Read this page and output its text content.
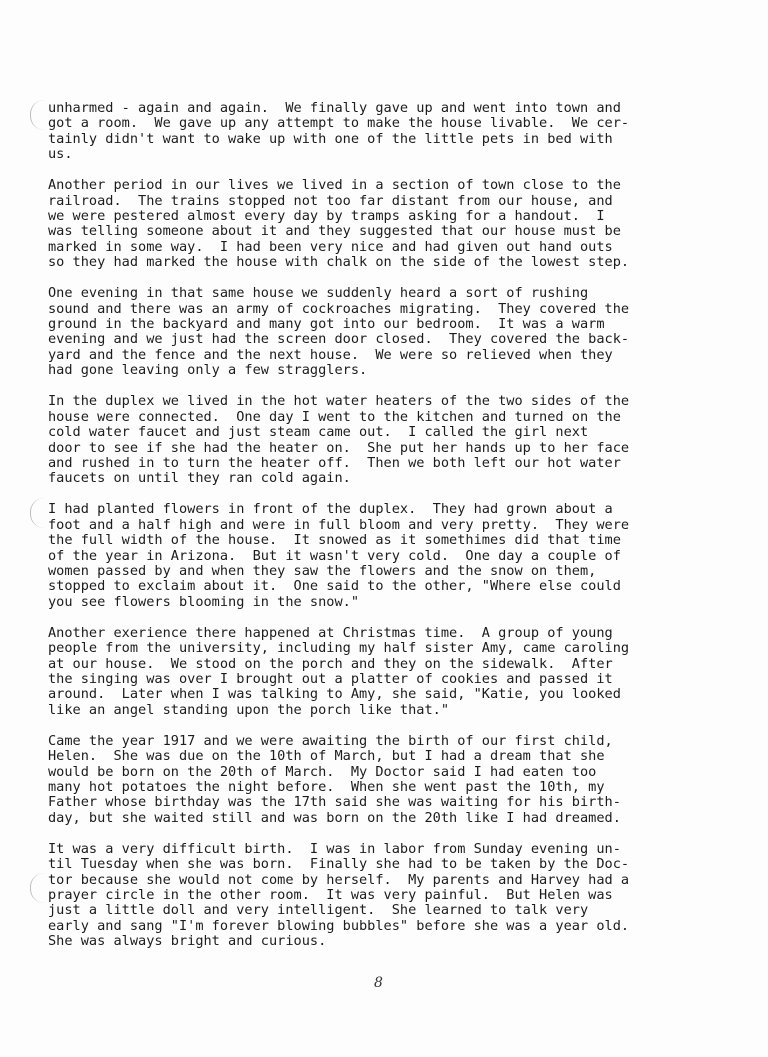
unharmed - again and again.  We finally gave up and went into town and
got a room.  We gave up any attempt to make the house livable.  We cer-
tainly didn't want to wake up with one of the little pets in bed with
us.

Another period in our lives we lived in a section of town close to the
railroad.  The trains stopped not too far distant from our house, and
we were pestered almost every day by tramps asking for a handout.  I
was telling someone about it and they suggested that our house must be
marked in some way.  I had been very nice and had given out hand outs
so they had marked the house with chalk on the side of the lowest step.

One evening in that same house we suddenly heard a sort of rushing
sound and there was an army of cockroaches migrating.  They covered the
ground in the backyard and many got into our bedroom.  It was a warm
evening and we just had the screen door closed.  They covered the back-
yard and the fence and the next house.  We were so relieved when they
had gone leaving only a few stragglers.

In the duplex we lived in the hot water heaters of the two sides of the
house were connected.  One day I went to the kitchen and turned on the
cold water faucet and just steam came out.  I called the girl next
door to see if she had the heater on.  She put her hands up to her face
and rushed in to turn the heater off.  Then we both left our hot water
faucets on until they ran cold again.

I had planted flowers in front of the duplex.  They had grown about a
foot and a half high and were in full bloom and very pretty.  They were
the full width of the house.  It snowed as it somethimes did that time
of the year in Arizona.  But it wasn't very cold.  One day a couple of
women passed by and when they saw the flowers and the snow on them,
stopped to exclaim about it.  One said to the other, "Where else could
you see flowers blooming in the snow."

Another exerience there happened at Christmas time.  A group of young
people from the university, including my half sister Amy, came caroling
at our house.  We stood on the porch and they on the sidewalk.  After
the singing was over I brought out a platter of cookies and passed it
around.  Later when I was talking to Amy, she said, "Katie, you looked
like an angel standing upon the porch like that."

Came the year 1917 and we were awaiting the birth of our first child,
Helen.  She was due on the 10th of March, but I had a dream that she
would be born on the 20th of March.  My Doctor said I had eaten too
many hot potatoes the night before.  When she went past the 10th, my
Father whose birthday was the 17th said she was waiting for his birth-
day, but she waited still and was born on the 20th like I had dreamed.

It was a very difficult birth.  I was in labor from Sunday evening un-
til Tuesday when she was born.  Finally she had to be taken by the Doc-
tor because she would not come by herself.  My parents and Harvey had a
prayer circle in the other room.  It was very painful.  But Helen was
just a little doll and very intelligent.  She learned to talk very
early and sang "I'm forever blowing bubbles" before she was a year old.
She was always bright and curious.

8
